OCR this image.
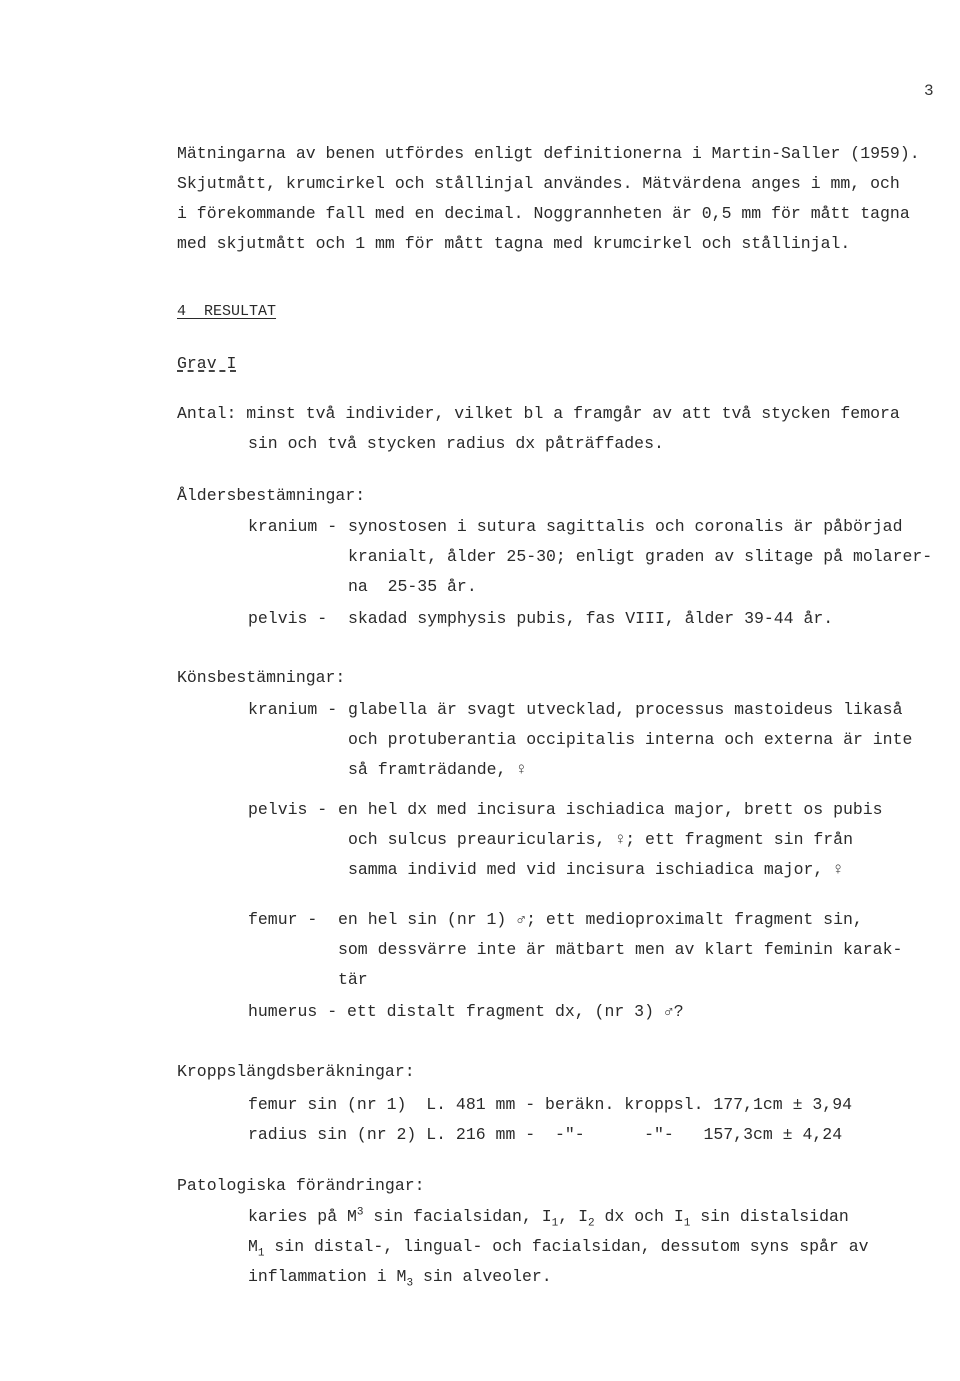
3
Mätningarna av benen utfördes enligt definitionerna i Martin-Saller (1959).
Skjutmått, krumcirkel och stållinjal användes. Mätvärdena anges i mm, och
i förekommande fall med en decimal. Noggrannheten är 0,5 mm för mått tagna
med skjutmått och 1 mm för mått tagna med krumcirkel och stållinjal.
4  RESULTAT
Grav I
Antal: minst två individer, vilket bl a framgår av att två stycken femora
sin och två stycken radius dx påträffades.
Åldersbestämningar:
kranium - synostosen i sutura sagittalis och coronalis är påbörjad
kranialt, ålder 25-30; enligt graden av slitage på molarer-
na  25-35 år.
pelvis - skadad symphysis pubis, fas VIII, ålder 39-44 år.
Könsbestämningar:
kranium - glabella är svagt utvecklad, processus mastoideus likaså
och protuberantia occipitalis interna och externa är inte
så framträdande, ♀
pelvis - en hel dx med incisura ischiadica major, brett os pubis
och sulcus preauricularis, ♀; ett fragment sin från
samma individ med vid incisura ischiadica major, ♀
femur - en hel sin (nr 1) ♂; ett medioproximalt fragment sin,
som dessvärre inte är mätbart men av klart feminin karak-
tär
humerus - ett distalt fragment dx, (nr 3) ♂?
Kroppslängdsberäkningar:
femur sin (nr 1)  L. 481 mm - beräkn. kroppsl. 177,1cm ± 3,94
radius sin (nr 2) L. 216 mm -  -"-      -"-   157,3cm ± 4,24
Patologiska förändringar:
karies på $M^3$ sin facialsidan, $I_1$, $I_2$ dx och $I_1$ sin distalsidan
$M_1$ sin distal-, lingual- och facialsidan, dessutom syns spår av
inflammation i $M_3$ sin alveoler.
